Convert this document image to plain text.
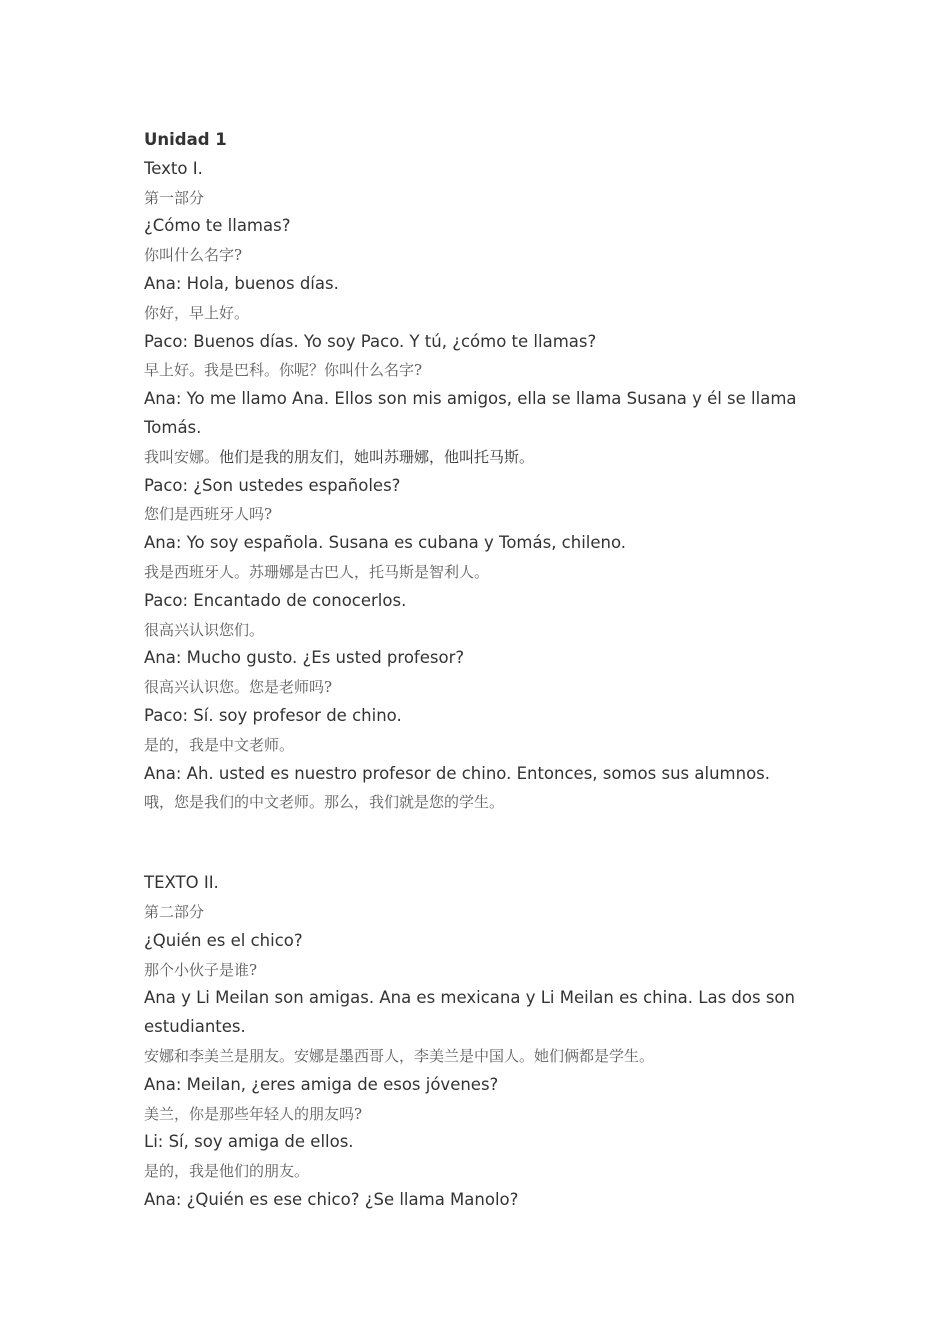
Unidad 1
Texto I.
第一部分
¿Cómo te llamas?
你叫什么名字?
Ana: Hola, buenos días.
你好，早上好。
Paco: Buenos días. Yo soy Paco. Y tú, ¿cómo te llamas?
早上好。我是巴科。你呢？你叫什么名字?
Ana: Yo me llamo Ana. Ellos son mis amigos, ella se llama Susana y él se llama Tomás.
我叫安娜。他们是我的朋友们，她叫苏珊娜，他叫托马斯。
Paco: ¿Son ustedes españoles?
您们是西班牙人吗?
Ana: Yo soy española. Susana es cubana y Tomás, chileno.
我是西班牙人。苏珊娜是古巴人，托马斯是智利人。
Paco: Encantado de conocerlos.
很高兴认识您们。
Ana: Mucho gusto. ¿Es usted profesor?
很高兴认识您。您是老师吗?
Paco: Sí. soy profesor de chino.
是的，我是中文老师。
Ana: Ah. usted es nuestro profesor de chino. Entonces, somos sus alumnos.
哦，您是我们的中文老师。那么，我们就是您的学生。
TEXTO II.
第二部分
¿Quién es el chico?
那个小伙子是谁?
Ana y Li Meilan son amigas. Ana es mexicana y Li Meilan es china. Las dos son estudiantes.
安娜和李美兰是朋友。安娜是墨西哥人，李美兰是中国人。她们俩都是学生。
Ana: Meilan, ¿eres amiga de esos jóvenes?
美兰，你是那些年轻人的朋友吗?
Li: Sí, soy amiga de ellos.
是的，我是他们的朋友。
Ana: ¿Quién es ese chico? ¿Se llama Manolo?
